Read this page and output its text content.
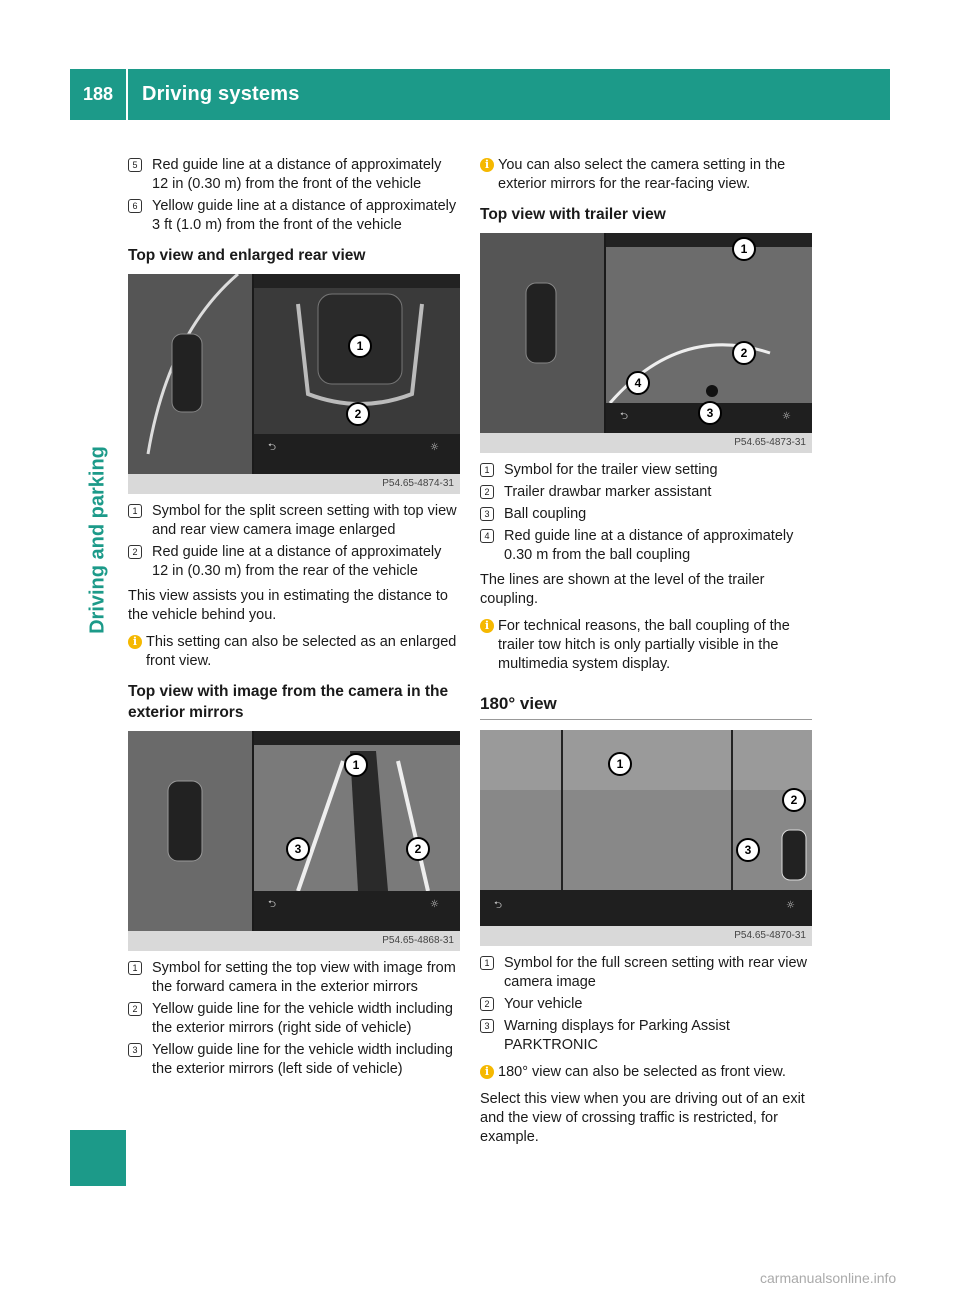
188	Driving systems
Driving and parking
5	Red guide line at a distance of approximately 12 in (0.30 m) from the front of the vehicle
6	Yellow guide line at a distance of approximately 3 ft (1.0 m) from the front of the vehicle
Top view and enlarged rear view
⮌	☼
1
2
P54.65-4874-31
1	Symbol for the split screen setting with top view and rear view camera image enlarged
2	Red guide line at a distance of approximately 12 in (0.30 m) from the rear of the vehicle
This view assists you in estimating the distance to the vehicle behind you.
i This setting can also be selected as an enlarged front view.
Top view with image from the camera in the exterior mirrors
⮌	☼
1
2
3
P54.65-4868-31
1	Symbol for setting the top view with image from the forward camera in the exterior mirrors
2	Yellow guide line for the vehicle width including the exterior mirrors (right side of vehicle)
3	Yellow guide line for the vehicle width including the exterior mirrors (left side of vehicle)
i You can also select the camera setting in the exterior mirrors for the rear-facing view.
Top view with trailer view
⮌	☼
1
2
3
4
P54.65-4873-31
1	Symbol for the trailer view setting
2	Trailer drawbar marker assistant
3	Ball coupling
4	Red guide line at a distance of approximately 0.30 m from the ball coupling
The lines are shown at the level of the trailer coupling.
i For technical reasons, the ball coupling of the trailer tow hitch is only partially visible in the multimedia system display.
180° view
⮌	☼
1
2
3
P54.65-4870-31
1	Symbol for the full screen setting with rear view camera image
2	Your vehicle
3	Warning displays for Parking Assist PARKTRONIC
i 180° view can also be selected as front view.
Select this view when you are driving out of an exit and the view of crossing traffic is restricted, for example.
carmanualsonline.info
